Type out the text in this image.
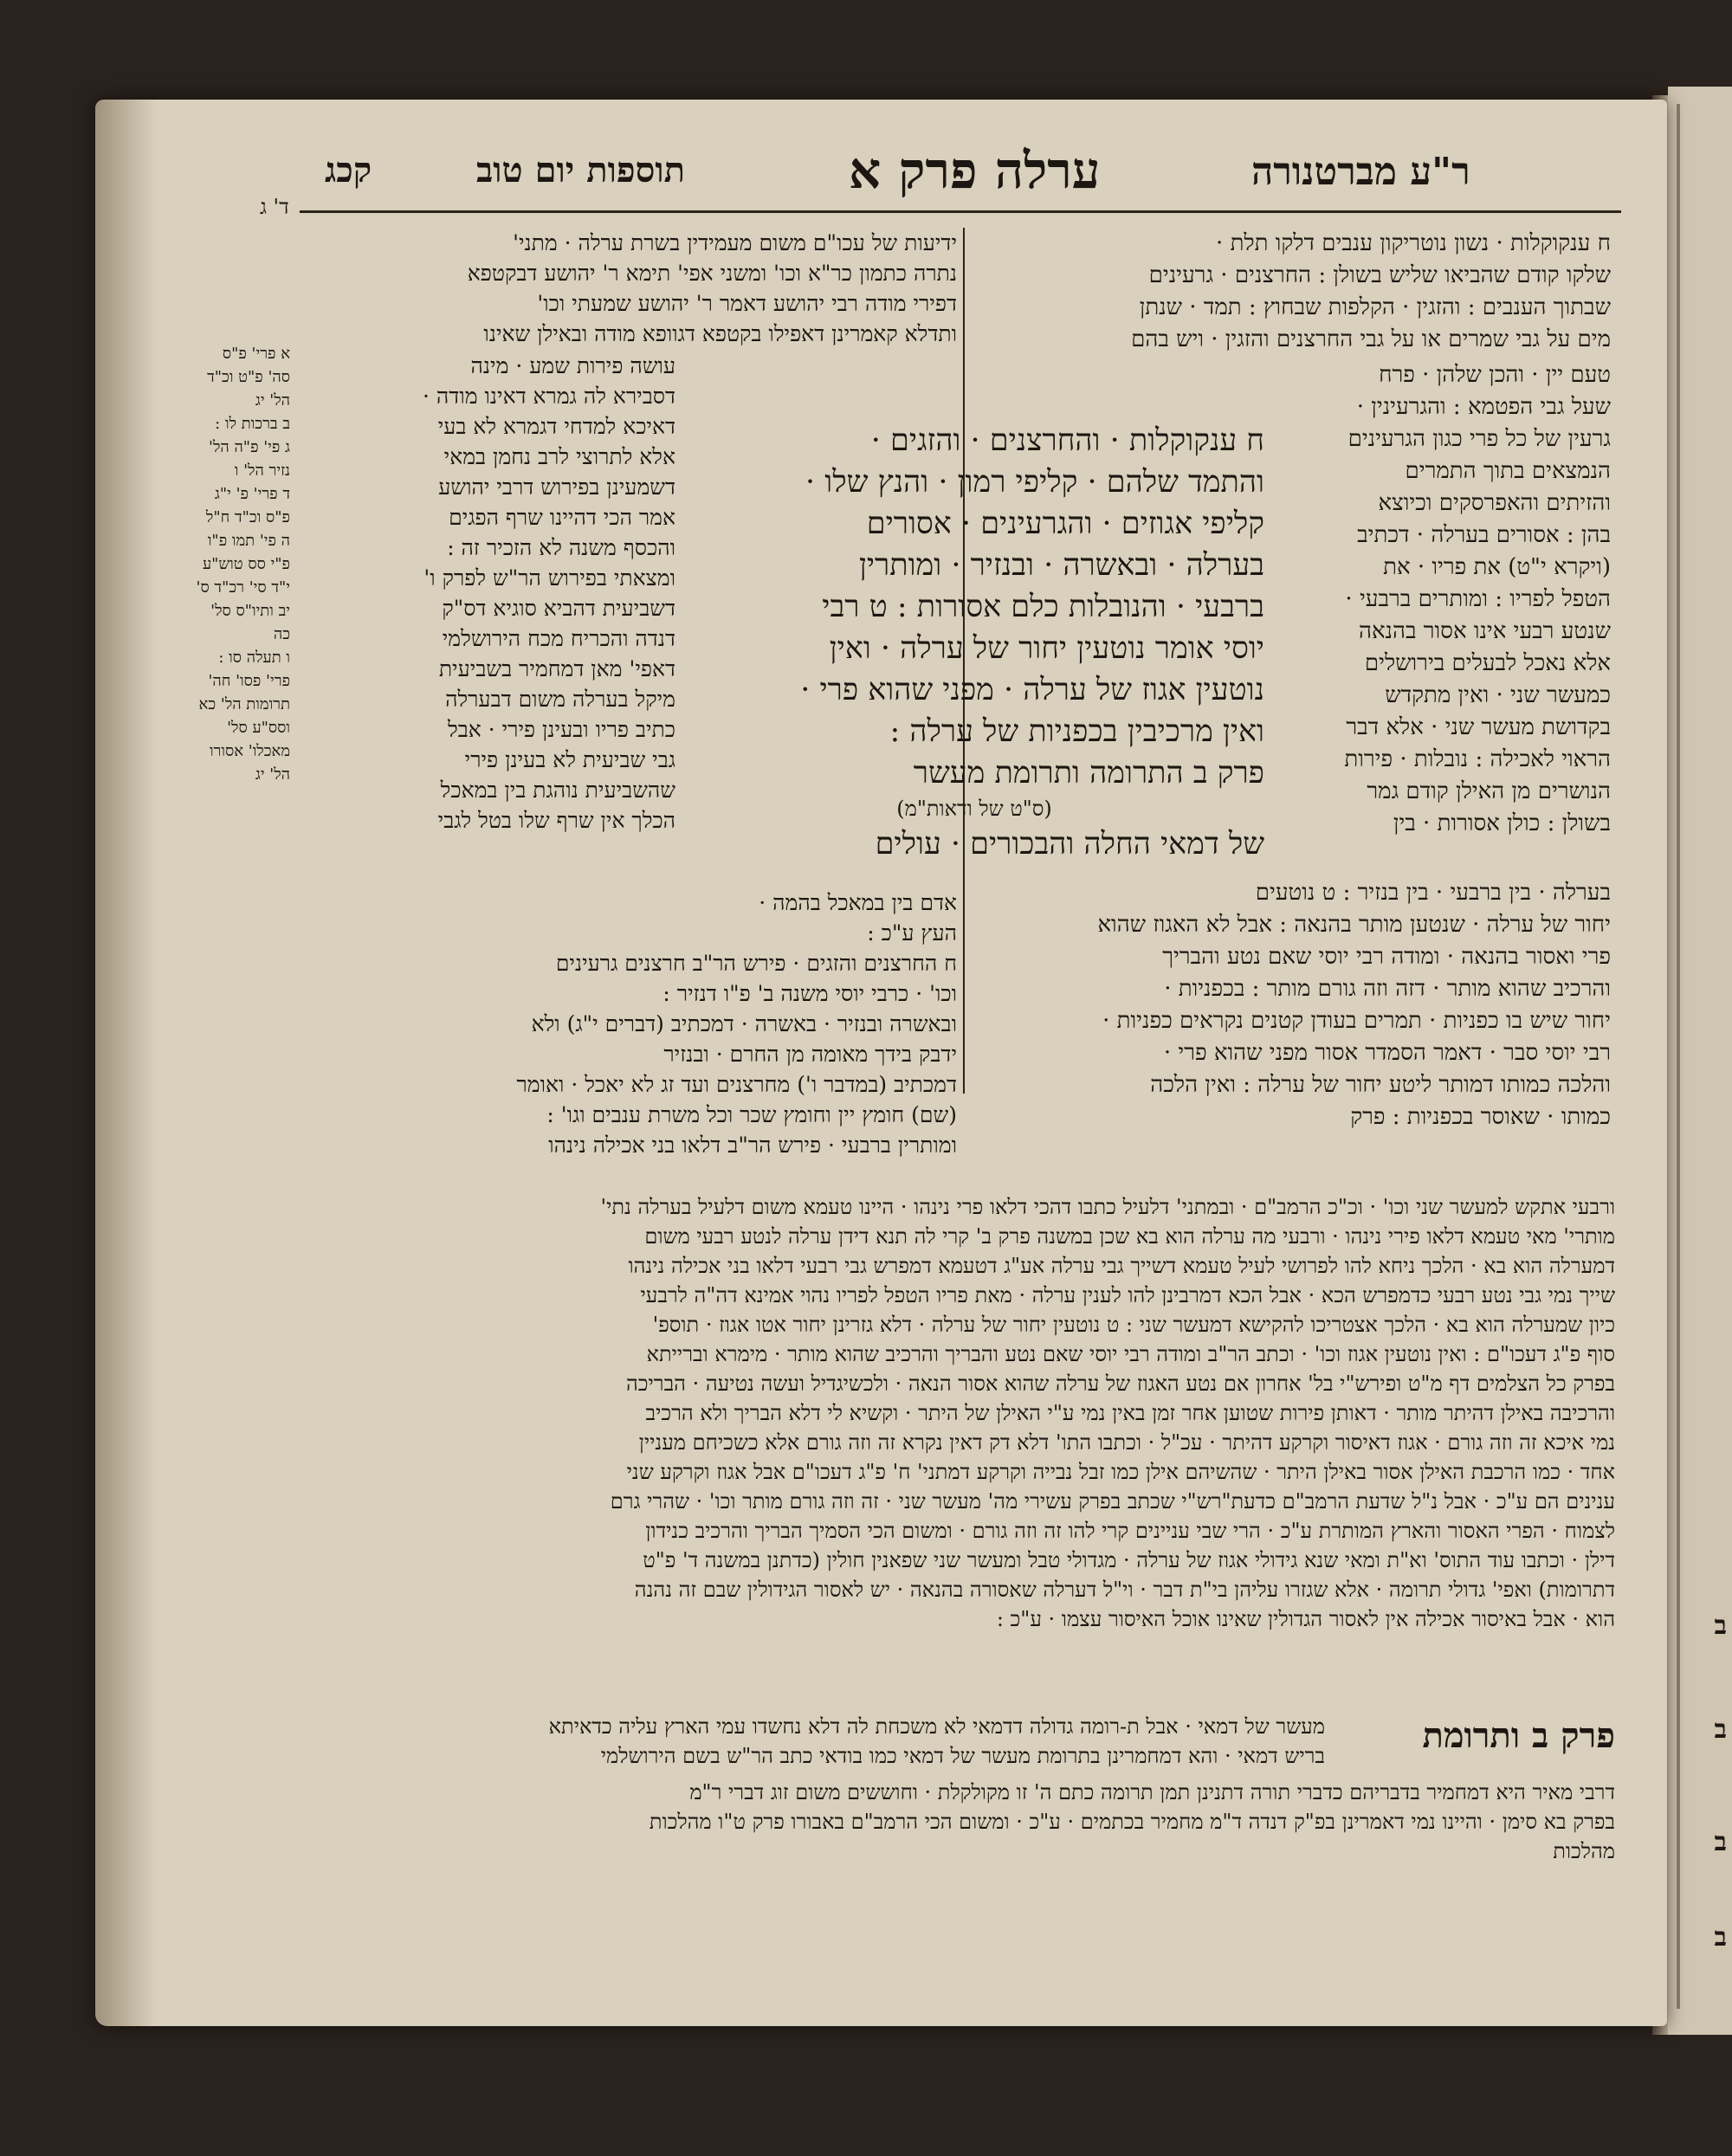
ב
ב
ב
ב
ר"ע מברטנורה
ערלה פרק א
תוספות יום טוב
קכג
ד' ג

ח ענקוקלות · נשון נוטריקון ענבים דלקו תלת ·

שלקו קודם שהביאו שליש בשולן : החרצנים · גרעינים

שבתוך הענבים : והזגין · הקלפות שבחוץ : תמד · שנתן

מים על גבי שמרים או על גבי החרצנים והזגין · ויש בהם

טעם יין · והכן שלהן · פרח

שעל גבי הפטמא : והגרעינין ·

גרעין של כל פרי כגון הגרעינים

הנמצאים בתוך התמרים

והזיתים והאפרסקים וכיוצא

בהן : אסורים בערלה · דכתיב

(ויקרא י"ט) את פריו · את

הטפל לפריו : ומותרים ברבעי ·

שנטע רבעי אינו אסור בהנאה

אלא נאכל לבעלים בירושלים

כמעשר שני · ואין מתקדש

בקדושת מעשר שני · אלא דבר

הראוי לאכילה : נובלות · פירות

הנושרים מן האילן קודם גמר

בשולן : כולן אסורות · בין

בערלה · בין ברבעי · בין בנזיר : ט נוטעים

יחור של ערלה · שנטען מותר בהנאה : אבל לא האגוז שהוא

פרי ואסור בהנאה · ומודה רבי יוסי שאם נטע והבריך

והרכיב שהוא מותר · דזה וזה גורם מותר : בכפניות ·

יחור שיש בו כפניות · תמרים בעודן קטנים נקראים כפניות ·

רבי יוסי סבר · דאמר הסמדר אסור מפני שהוא פרי ·

והלכה כמותו דמותר ליטע יחור של ערלה : ואין הלכה

כמותו · שאוסר בכפניות : פרק

ח ענקוקלות · והחרצנים · והזגים ·

והתמד שלהם · קליפי רמון · והנץ שלו ·

קליפי אגוזים · והגרעינים · אסורים

בערלה · ובאשרה · ובנזיר · ומותרין

ברבעי · והנובלות כלם אסורות : ט רבי

יוסי אומר נוטעין יחור של ערלה · ואין

נוטעין אגוז של ערלה · מפני שהוא פרי ·

ואין מרכיבין בכפניות של ערלה :

פרק ב התרומה ותרומת מעשר

(ס"ט של ודאות"מ)

של דמאי החלה והבכורים · עולים

ידיעות של עכו"ם משום מעמידין בשרת ערלה · מתני'

נתרה כתמון כר"א וכו' ומשני אפי' תימא ר' יהושע דבקטפא

דפירי מודה רבי יהושע דאמר ר' יהושע שמעתי וכו'

ותדלא קאמרינן דאפילו בקטפא דגוופא מודה ובאילן שאינו

עושה פירות שמע · מינה

דסבירא לה גמרא דאינו מודה ·

דאיכא למדחי דגמרא לא בעי

אלא לתרוצי לרב נחמן במאי

דשמעינן בפירוש דרבי יהושע

אמר הכי דהיינו שרף הפגים

והכסף משנה לא הזכיר זה :

ומצאתי בפירוש הר"ש לפרק ו'

דשביעית דהביא סוגיא דס"ק

דנדה והכריח מכח הירושלמי

דאפי' מאן דמחמיר בשביעית

מיקל בערלה משום דבערלה

כתיב פריו ובעינן פירי · אבל

גבי שביעית לא בעינן פירי

שהשביעית נוהגת בין במאכל

הכלך אין שרף שלו בטל לגבי

א פרי' פ"ס
סה' פ"ט וכ"ד
הל' יג
ב ברכות לו :
ג פי' פ"ה הל'
נזיר הל' ו
ד פרי' פ' י"ג
פ"ס וכ"ד ח"ל
ה פי' תמו פ"ו
פ"י סס טוש"ע
י"ד סי' רכ"ד ס'
יב ותיו"ס סל'
כה
ו תעלה סו :
פרי' פסו' חה'
תרומות הל' כא
וסס"ע סל'
מאכלו' אסורו
הל' יג

אדם בין במאכל בהמה ·

העץ ע"כ :

ח החרצנים והזגים · פירש הר"ב חרצנים גרעינים

וכו' · כרבי יוסי משנה ב' פ"ו דנזיר :

ובאשרה ובנזיר · באשרה · דמכתיב (דברים י"ג) ולא

ידבק בידך מאומה מן החרם · ובנזיר

דמכתיב (במדבר ו') מחרצנים ועד זג לא יאכל · ואומר

(שם) חומץ יין וחומץ שכר וכל משרת ענבים וגו' :

ומותרין ברבעי · פירש הר"ב דלאו בני אכילה נינהו

ורבעי אתקש למעשר שני וכו' · וכ"כ הרמב"ם · ובמתני' דלעיל כתבו דהכי דלאו פרי נינהו · היינו טעמא משום דלעיל בערלה נתי'

מותרי' מאי טעמא דלאו פירי נינהו · ורבעי מה ערלה הוא בא שכן במשנה פרק ב' קרי לה תנא דידן ערלה לנטע רבעי משום

דמערלה הוא בא · הלכך ניחא להו לפרושי לעיל טעמא דשייך גבי ערלה אע"ג דטעמא דמפרש גבי רבעי דלאו בני אכילה נינהו

שייך נמי גבי נטע רבעי כדמפרש הכא · אבל הכא דמרבינן להו לענין ערלה · מאת פריו הטפל לפריו נהוי אמינא דה"ה לרבעי

כיון שמערלה הוא בא · הלכך אצטריכו להקישא דמעשר שני : ט נוטעין יחור של ערלה · דלא גזרינן יחור אטו אגוז · תוספ'

סוף פ"ג דעכו"ם : ואין נוטעין אגוז וכו' · וכתב הר"ב ומודה רבי יוסי שאם נטע והבריך והרכיב שהוא מותר · מימרא וברייתא

בפרק כל הצלמים דף מ"ט ופירש"י בל' אחרון אם נטע האגוז של ערלה שהוא אסור הנאה · ולכשיגדיל ועשה נטיעה · הבריכה

והרכיבה באילן דהיתר מותר · דאותן פירות שטוען אחר זמן באין נמי ע"י האילן של היתר · וקשיא לי דלא הבריך ולא הרכיב

נמי איכא זה וזה גורם · אגוז דאיסור וקרקע דהיתר · עכ"ל · וכתבו התו' דלא דק דאין נקרא זה וזה גורם אלא כשכיחם מעניין

אחד · כמו הרכבת האילן אסור באילן היתר · שהשיהם אילן כמו זבל נבייה וקרקע דמתני' ח' פ"ג דעכו"ם אבל אגוז וקרקע שני

ענינים הם ע"כ · אבל נ"ל שדעת הרמב"ם כדעת"רש"י שכתב בפרק עשירי מה' מעשר שני · זה וזה גורם מותר וכו' · שהרי גרם

לצמוח · הפרי האסור והארץ המותרת ע"כ · הרי שבי עניינים קרי להו זה וזה גורם · ומשום הכי הסמיך הבריך והרכיב כנידון

דילן · וכתבו עוד התוס' וא"ת ומאי שנא גידולי אגוז של ערלה · מגדולי טבל ומעשר שני שפאנין חולין (כדתנן במשנה ד' פ"ט

דתרומות) ואפי' גדולי תרומה · אלא שגזרו עליהן בי"ת דבר · וי"ל דערלה שאסורה בהנאה · יש לאסור הגידולין שבם זה נהנה

הוא · אבל באיסור אכילה אין לאסור הגדולין שאינו אוכל האיסור עצמו · ע"כ :

פרק ב ותרומת

מעשר של דמאי · אבל ת-רומה גדולה דדמאי לא משכחת לה דלא נחשדו עמי הארץ עליה כדאיתא

בריש דמאי · והא דמחמרינן בתרומת מעשר של דמאי כמו בודאי כתב הר"ש בשם הירושלמי

דרבי מאיר היא דמחמיר בדבריהם כדברי תורה דתנינן תמן תרומה כתם ה' זו מקולקלת · וחוששים משום זוג דברי ר"מ

בפרק בא סימן · והיינו נמי דאמרינן בפ"ק דנדה ד"מ מחמיר בכתמים · ע"כ · ומשום הכי הרמב"ם באבורו פרק ט"ו מהלכות

מהלכות
